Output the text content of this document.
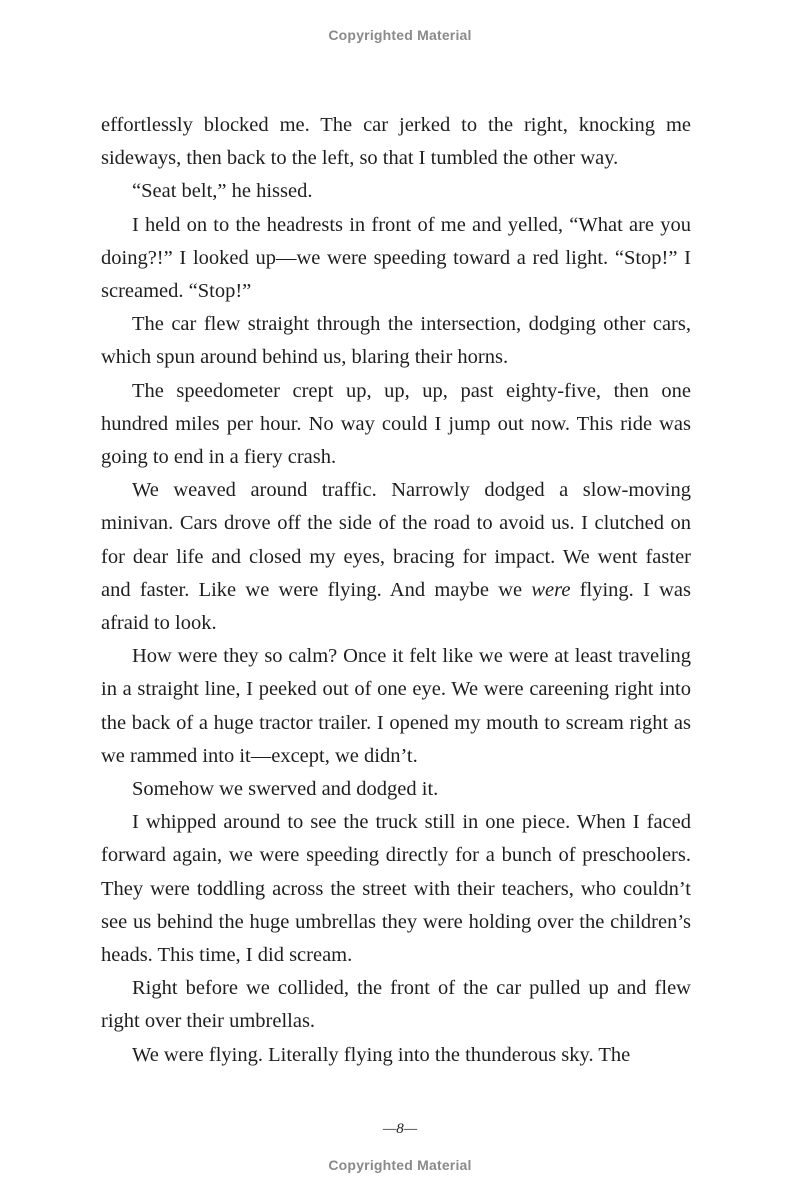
Copyrighted Material

effortlessly blocked me. The car jerked to the right, knocking me sideways, then back to the left, so that I tumbled the other way.

“Seat belt,” he hissed.

I held on to the headrests in front of me and yelled, “What are you doing?!” I looked up—we were speeding toward a red light. “Stop!” I screamed. “Stop!”

The car flew straight through the intersection, dodging other cars, which spun around behind us, blaring their horns.

The speedometer crept up, up, up, past eighty-five, then one hundred miles per hour. No way could I jump out now. This ride was going to end in a fiery crash.

We weaved around traffic. Narrowly dodged a slow-moving minivan. Cars drove off the side of the road to avoid us. I clutched on for dear life and closed my eyes, bracing for impact. We went faster and faster. Like we were flying. And maybe we were flying. I was afraid to look.

How were they so calm? Once it felt like we were at least traveling in a straight line, I peeked out of one eye. We were careening right into the back of a huge tractor trailer. I opened my mouth to scream right as we rammed into it—except, we didn’t.

Somehow we swerved and dodged it.

I whipped around to see the truck still in one piece. When I faced forward again, we were speeding directly for a bunch of preschoolers. They were toddling across the street with their teachers, who couldn’t see us behind the huge umbrellas they were holding over the children’s heads. This time, I did scream.

Right before we collided, the front of the car pulled up and flew right over their umbrellas.

We were flying. Literally flying into the thunderous sky. The

—8—
Copyrighted Material
